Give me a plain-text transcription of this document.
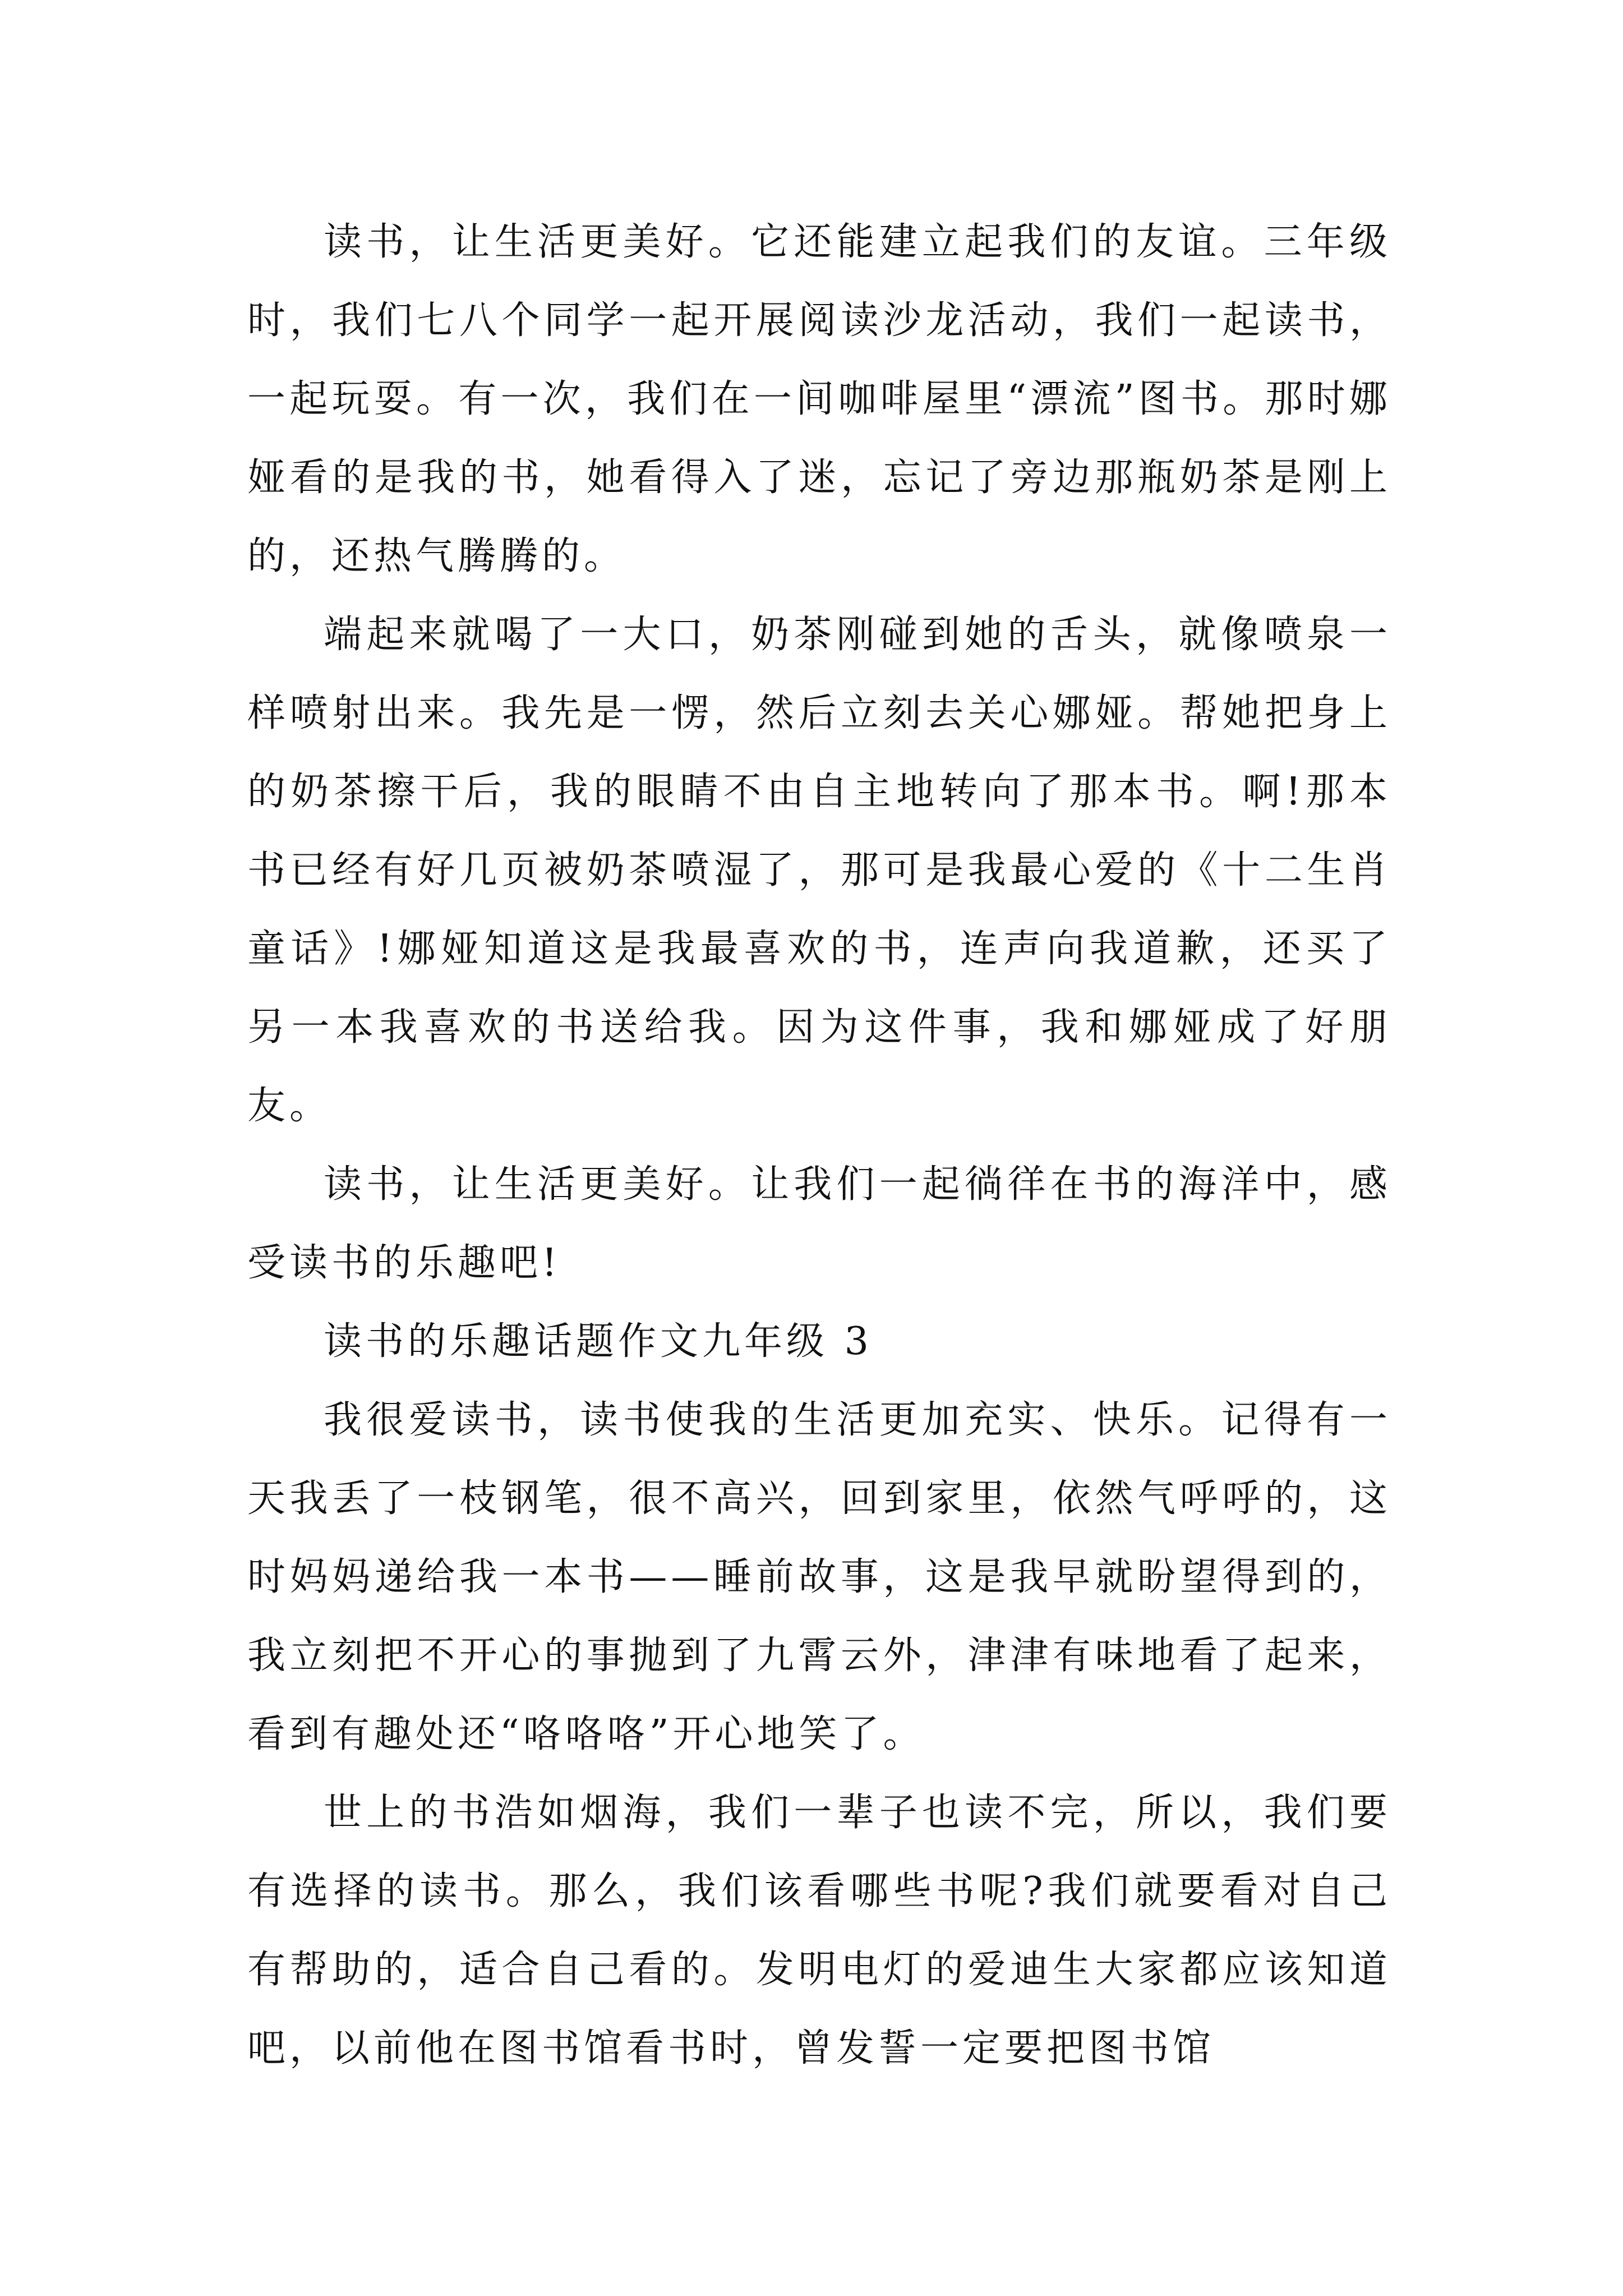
读书，让生活更美好。它还能建立起我们的友谊。三年级时，我们七八个同学一起开展阅读沙龙活动，我们一起读书，一起玩耍。有一次，我们在一间咖啡屋里“漂流”图书。那时娜娅看的是我的书，她看得入了迷，忘记了旁边那瓶奶茶是刚上的，还热气腾腾的。

端起来就喝了一大口，奶茶刚碰到她的舌头，就像喷泉一样喷射出来。我先是一愣，然后立刻去关心娜娅。帮她把身上的奶茶擦干后，我的眼睛不由自主地转向了那本书。啊!那本书已经有好几页被奶茶喷湿了，那可是我最心爱的《十二生肖童话》!娜娅知道这是我最喜欢的书，连声向我道歉，还买了另一本我喜欢的书送给我。因为这件事，我和娜娅成了好朋友。

读书，让生活更美好。让我们一起徜徉在书的海洋中，感受读书的乐趣吧!

读书的乐趣话题作文九年级 3

我很爱读书，读书使我的生活更加充实、快乐。记得有一天我丢了一枝钢笔，很不高兴，回到家里，依然气呼呼的，这时妈妈递给我一本书——睡前故事，这是我早就盼望得到的，我立刻把不开心的事抛到了九霄云外，津津有味地看了起来，看到有趣处还“咯咯咯”开心地笑了。

世上的书浩如烟海，我们一辈子也读不完，所以，我们要有选择的读书。那么，我们该看哪些书呢?我们就要看对自己有帮助的，适合自己看的。发明电灯的爱迪生大家都应该知道吧，以前他在图书馆看书时，曾发誓一定要把图书馆
